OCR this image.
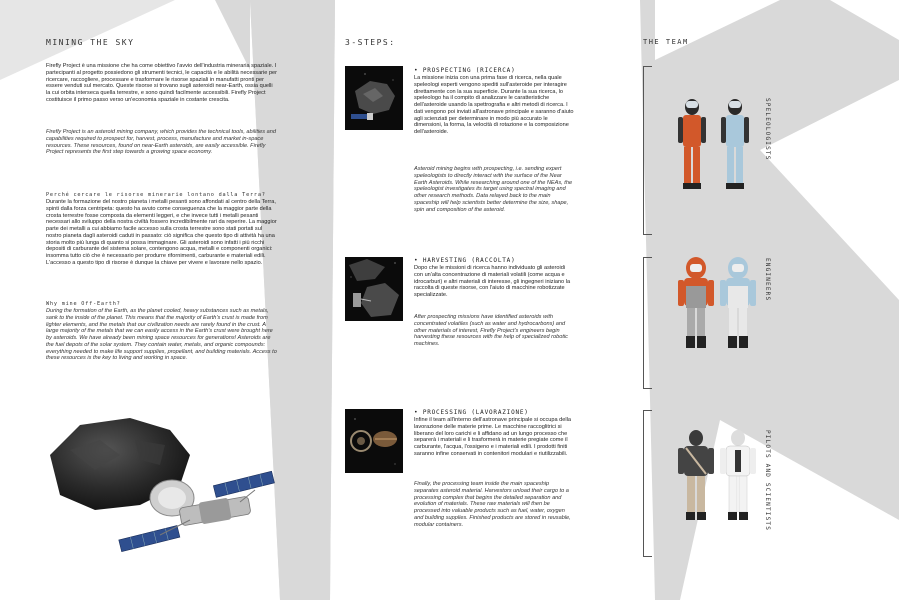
MINING THE SKY

Firefly Project è una missione che ha come obiettivo l'avvio dell'industria mineraria spaziale. I partecipanti al progetto possiedono gli strumenti tecnici, le capacità e le abilità necessarie per ricercare, raccogliere, processare e trasformare le risorse spaziali in manufatti pronti per essere venduti sul mercato. Queste risorse si trovano sugli asteroidi near-Earth, ossia quelli la cui orbita interseca quella terrestre, e sono quindi facilmente accessibili. Firefly Project costituisce il primo passo verso un'economia spaziale in costante crescita.

Firefly Project is an asteroid mining company, which provides the technical tools, abilities and capabilities required to prospect for, harvest, process, manufacture and market in-space resources. These resources, found on near-Earth asteroids, are easily accessible. Firefly Project represents the first step towards a growing space economy.

Perché cercare le risorse minerarie lontano dalla Terra?

Durante la formazione del nostro pianeta i metalli pesanti sono affondati al centro della Terra, spinti dalla forza centripeta: questo ha avuto come conseguenza che la maggior parte della crosta terrestre fosse composta da elementi leggeri, e che invece tutti i metalli pesanti necessari allo sviluppo della nostra civiltà fossero incredibilmente rari da reperire. La maggior parte dei metalli a cui abbiamo facile accesso sulla crosta terrestre sono stati portati sul nostro pianeta dagli asteroidi caduti in passato: ciò significa che questo tipo di attività ha una storia molto più lunga di quanto si possa immaginare. Gli asteroidi sono infatti i più ricchi depositi di carburante del sistema solare, contengono acqua, metalli e componenti organici: insomma tutto ciò che è necessario per produrre rifornimenti, carburante e materiali edili. L'accesso a questo tipo di risorse è dunque la chiave per vivere e lavorare nello spazio.

Why mine Off-Earth?

During the formation of the Earth, as the planet cooled, heavy substances such as metals, sank to the inside of the planet. This means that the majority of Earth's crust is made from lighter elements, and the metals that our civilization needs are rarely found in the crust. A large majority of the metals that we can easily access in the Earth's crust were brought here by asteroids. We have already been mining space resources for generations! Asteroids are the fuel depots of the solar system. They contain water, metals, and organic compounds: everything needed to make life support supplies, propellant, and building materials. Access to these resources is the key to living and working in space.

3-STEPS:
• PROSPECTING (RICERCA)

La missione inizia con una prima fase di ricerca, nella quale speleologi esperti vengono spediti sull'asteroide per interagire direttamente con la sua superficie. Durante la sua ricerca, lo speleologo ha il compito di analizzare le caratteristiche dell'asteroide usando la spettrografia e altri metodi di ricerca. I dati vengono poi inviati all'astronave principale e saranno d'aiuto agli scienziati per determinare in modo più accurato le dimensioni, la forma, la velocità di rotazione e la composizione dell'asteroide.

Asteroid mining begins with prospecting, i.e. sending expert speleologists to directly interact with the surface of the Near Earth Asteroids. While researching around one of the NEAs, the speleologist investigates its target using spectral imaging and other research methods. Data relayed back to the main spaceship will help scientists better determine the size, shape, spin and composition of the asteroid.

• HARVESTING (RACCOLTA)

Dopo che le missioni di ricerca hanno individuato gli asteroidi con un'alta concentrazione di materiali volatili (come acqua e idrocarburi) e altri materiali di interesse, gli ingegneri iniziano la raccolta di queste risorse, con l'aiuto di macchine robotizzate specializzate.

After prospecting missions have identified asteroids with concentrated volatiles (such as water and hydrocarbons) and other materials of interest, Firefly Project's engineers begin harvesting these resources with the help of specialized robotic machines.

• PROCESSING (LAVORAZIONE)

Infine il team all'interno dell'astronave principale si occupa della lavorazione delle materie prime. Le macchine raccoglitrici si liberano del loro carichi e li affidano ad un lungo processo che separerà i materiali e li trasformerà in materie pregiate come il carburante, l'acqua, l'ossigeno e i materiali edili. I prodotti finiti saranno infine conservati in contenitori modulari e riutilizzabili.

Finally, the processing team inside the main spaceship separates asteroid material. Harvestors unload their cargo to a processing complex that begins the detailed separation and evolution of materials. These raw materials will then be processed into valuable products such as fuel, water, oxygen and building supplies. Finished products are stored in reusable, modular containers.

THE TEAM
SPELEOLOGISTS
ENGINEERS
PILOTS AND SCIENTISTS
